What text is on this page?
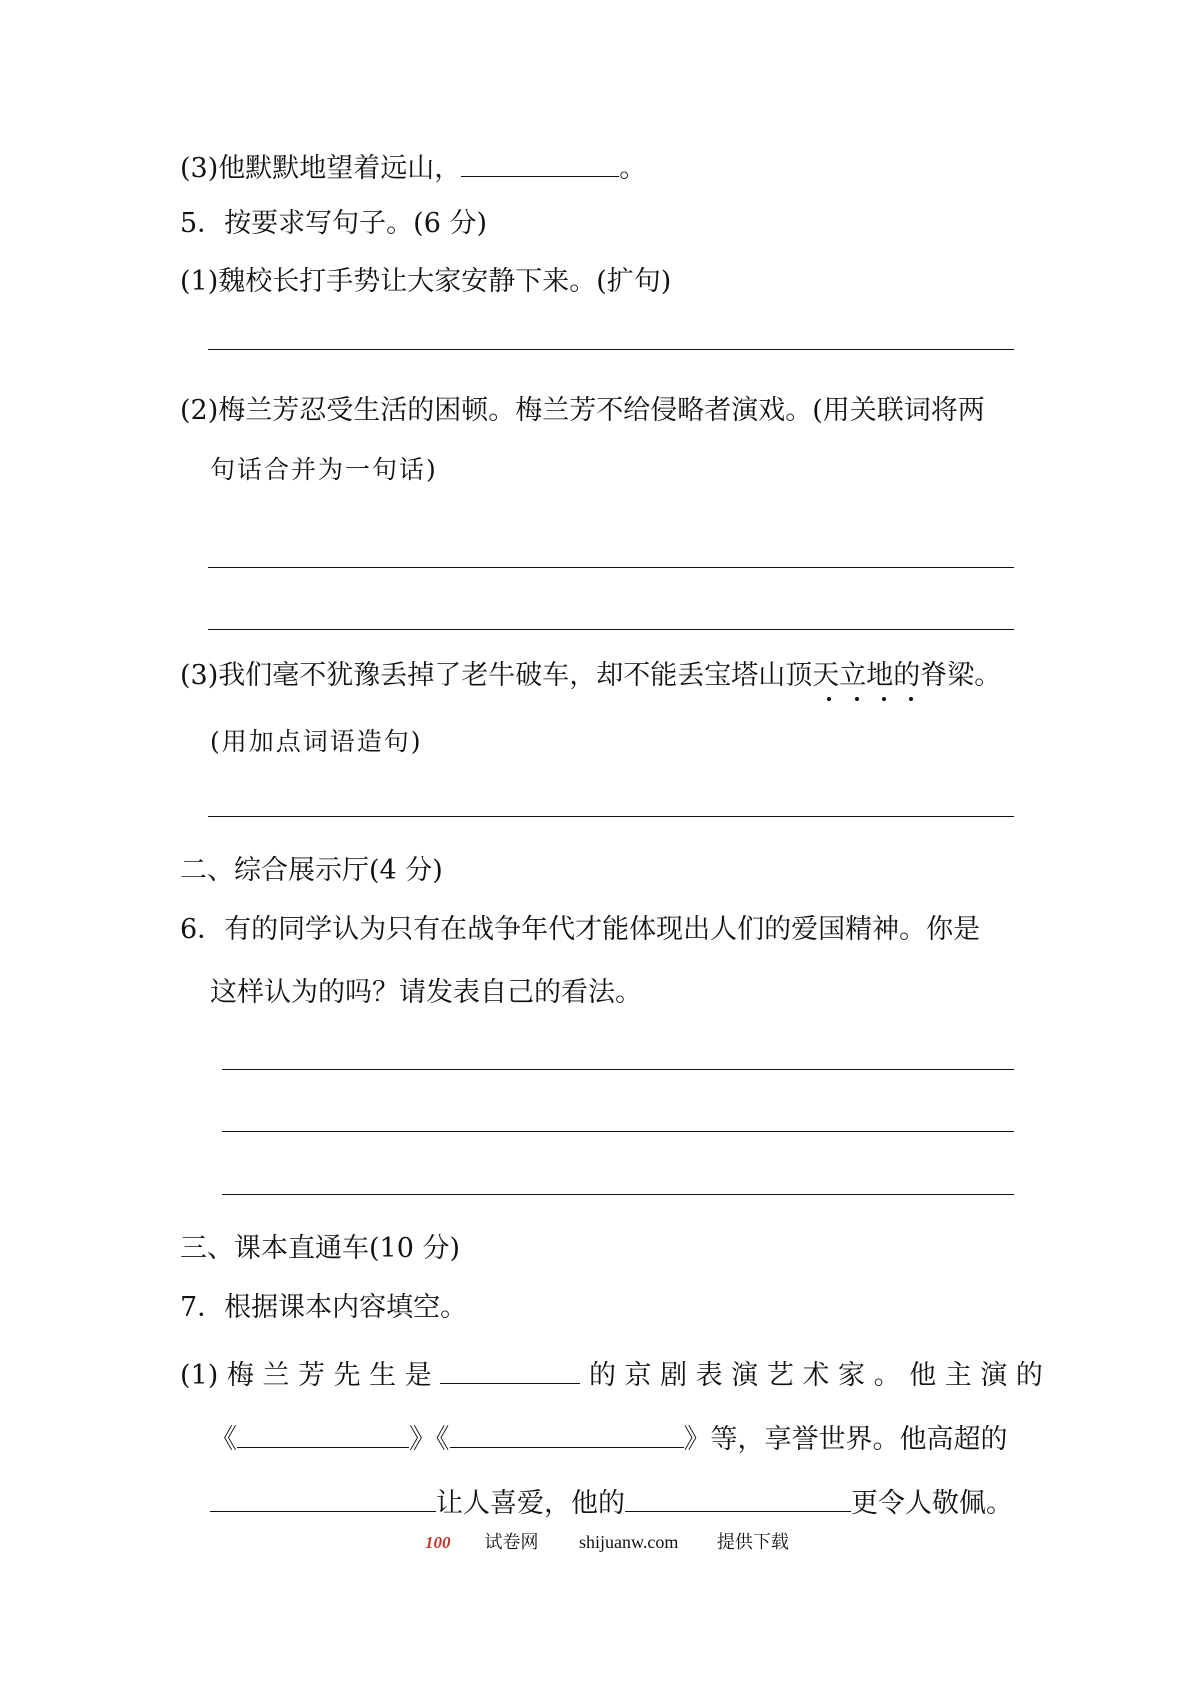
(3)他默默地望着远山，	。
5．按要求写句子。(6 分)
(1)魏校长打手势让大家安静下来。(扩句)
(2)梅兰芳忍受生活的困顿。梅兰芳不给侵略者演戏。(用关联词将两
句话合并为一句话)
(3)我们毫不犹豫丢掉了老牛破车，却不能丢宝塔山顶天立地的脊梁。
(用加点词语造句)
二、综合展示厅(4 分)
6．有的同学认为只有在战争年代才能体现出人们的爱国精神。你是
这样认为的吗？请发表自己的看法。
三、课本直通车(10 分)
7．根据课本内容填空。
(1) 梅 兰 芳 先 生 是	的 京 剧 表 演 艺 术 家 。 他 主 演 的
《	》《	》等，享誉世界。他高超的
让人喜爱，他的	更令人敬佩。
100 试卷网 shijuanw.com 提供下载
